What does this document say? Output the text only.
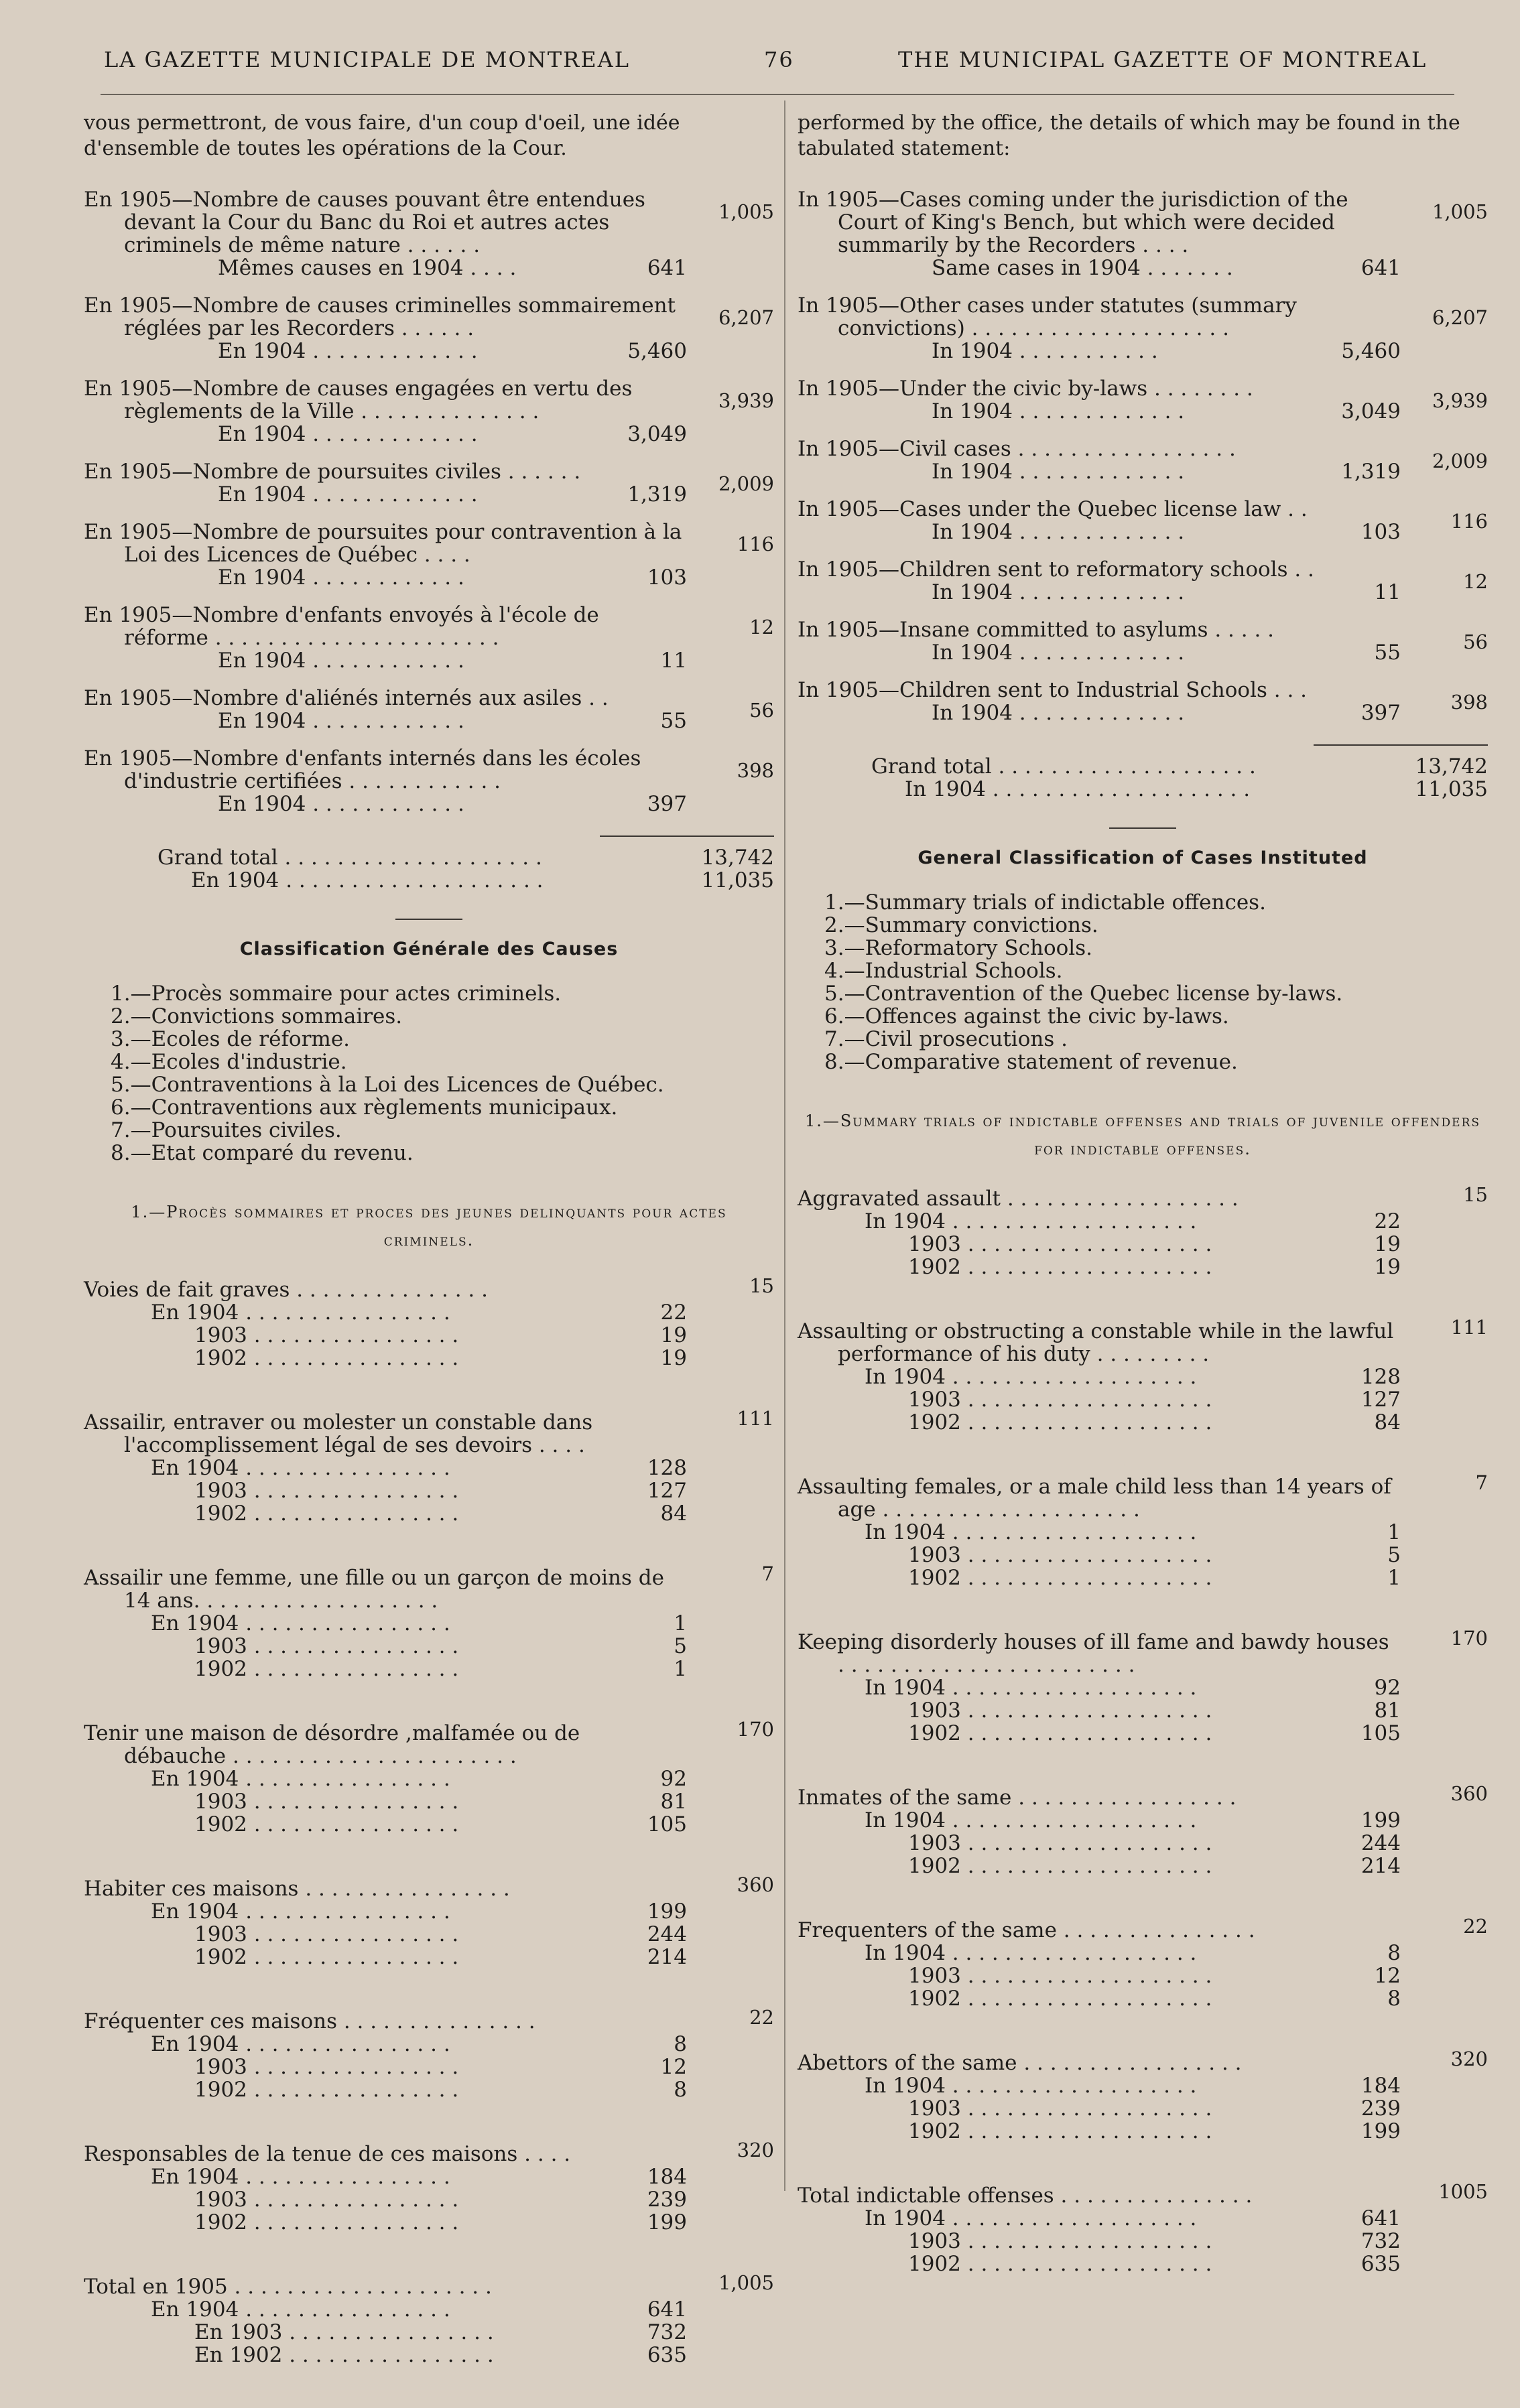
LA GAZETTE MUNICIPALE DE MONTREAL	76	THE MUNICIPAL GAZETTE OF MONTREAL
vous permettront, de vous faire, d'un coup d'oeil, une idée d'ensemble de toutes les opérations de la Cour.
En 1905—Nombre de causes pouvant être entendues devant la Cour du Banc du Roi et autres actes criminels de même nature . . . . . .
1,005
Mêmes causes en 1904 . . . .	641
En 1905—Nombre de causes criminelles sommairement réglées par les Recorders . . . . . .	6,207
En 1904 . . . . . . . . . . . . .	5,460
En 1905—Nombre de causes engagées en vertu des règlements de la Ville . . . . . . . . . . . . . .	3,939
En 1904 . . . . . . . . . . . . .	3,049
En 1905—Nombre de poursuites civiles . . . . . .	2,009
En 1904 . . . . . . . . . . . . .	1,319
En 1905—Nombre de poursuites pour contravention à la Loi des Licences de Québec . . . .	116
En 1904 . . . . . . . . . . . .	103
En 1905—Nombre d'enfants envoyés à l'école de réforme . . . . . . . . . . . . . . . . . . . . . .	12
En 1904 . . . . . . . . . . . .	11
En 1905—Nombre d'aliénés internés aux asiles . .	56
En 1904 . . . . . . . . . . . .	55
En 1905—Nombre d'enfants internés dans les écoles d'industrie certifiées . . . . . . . . . . . .	398
En 1904 . . . . . . . . . . . .	397
Grand total . . . . . . . . . . . . . . . . . . . .	13,742
En 1904 . . . . . . . . . . . . . . . . . . . .	11,035
Classification Générale des Causes
1.—Procès sommaire pour actes criminels.
2.—Convictions sommaires.
3.—Ecoles de réforme.
4.—Ecoles d'industrie.
5.—Contraventions à la Loi des Licences de Québec.
6.—Contraventions aux règlements municipaux.
7.—Poursuites civiles.
8.—Etat comparé du revenu.
1.—Procès sommaires et proces des jeunes delinquants pour actes criminels.
Voies de fait graves . . . . . . . . . . . . . . .	15
En 1904 . . . . . . . . . . . . . . . .	22
1903 . . . . . . . . . . . . . . . .	19
1902 . . . . . . . . . . . . . . . .	19
Assailir, entraver ou molester un constable dans l'accomplissement légal de ses devoirs . . . .
111
En 1904 . . . . . . . . . . . . . . . .	128
1903 . . . . . . . . . . . . . . . .	127
1902 . . . . . . . . . . . . . . . .	84
Assailir une femme, une fille ou un garçon de moins de 14 ans. . . . . . . . . . . . . . . . . . .
7
En 1904 . . . . . . . . . . . . . . . .	1
1903 . . . . . . . . . . . . . . . .	5
1902 . . . . . . . . . . . . . . . .	1
Tenir une maison de désordre ,malfamée ou de débauche . . . . . . . . . . . . . . . . . . . . . .
170
En 1904 . . . . . . . . . . . . . . . .	92
1903 . . . . . . . . . . . . . . . .	81
1902 . . . . . . . . . . . . . . . .	105
Habiter ces maisons . . . . . . . . . . . . . . . .	360
En 1904 . . . . . . . . . . . . . . . .	199
1903 . . . . . . . . . . . . . . . .	244
1902 . . . . . . . . . . . . . . . .	214
Fréquenter ces maisons . . . . . . . . . . . . . . .	22
En 1904 . . . . . . . . . . . . . . . .	8
1903 . . . . . . . . . . . . . . . .	12
1902 . . . . . . . . . . . . . . . .	8
Responsables de la tenue de ces maisons . . . .	320
En 1904 . . . . . . . . . . . . . . . .	184
1903 . . . . . . . . . . . . . . . .	239
1902 . . . . . . . . . . . . . . . .	199
Total en 1905 . . . . . . . . . . . . . . . . . . . .	1,005
En 1904 . . . . . . . . . . . . . . . .	641
En 1903 . . . . . . . . . . . . . . . .	732
En 1902 . . . . . . . . . . . . . . . .	635
performed by the office, the details of which may be found in the tabulated statement:
In 1905—Cases coming under the jurisdiction of the Court of King's Bench, but which were decided summarily by the Recorders . . . .
1,005
Same cases in 1904 . . . . . . .	641
In 1905—Other cases under statutes (summary convictions) . . . . . . . . . . . . . . . . . . . .	6,207
In 1904 . . . . . . . . . . .	5,460
In 1905—Under the civic by-laws . . . . . . . .	3,939
In 1904 . . . . . . . . . . . . .	3,049
In 1905—Civil cases . . . . . . . . . . . . . . . . .	2,009
In 1904 . . . . . . . . . . . . .	1,319
In 1905—Cases under the Quebec license law . .	116
In 1904 . . . . . . . . . . . . .	103
In 1905—Children sent to reformatory schools . .	12
In 1904 . . . . . . . . . . . . .	11
In 1905—Insane committed to asylums . . . . .	56
In 1904 . . . . . . . . . . . . .	55
In 1905—Children sent to Industrial Schools . . .	398
In 1904 . . . . . . . . . . . . .	397
Grand total . . . . . . . . . . . . . . . . . . . .	13,742
In 1904 . . . . . . . . . . . . . . . . . . . .	11,035
General Classification of Cases Instituted
1.—Summary trials of indictable offences.
2.—Summary convictions.
3.—Reformatory Schools.
4.—Industrial Schools.
5.—Contravention of the Quebec license by-laws.
6.—Offences against the civic by-laws.
7.—Civil prosecutions .
8.—Comparative statement of revenue.
1.—Summary trials of indictable offenses and trials of juvenile offenders for indictable offenses.
Aggravated assault . . . . . . . . . . . . . . . . . .	15
In 1904 . . . . . . . . . . . . . . . . . . .	22
1903 . . . . . . . . . . . . . . . . . . .	19
1902 . . . . . . . . . . . . . . . . . . .	19
Assaulting or obstructing a constable while in the lawful performance of his duty . . . . . . . . .
111
In 1904 . . . . . . . . . . . . . . . . . . .	128
1903 . . . . . . . . . . . . . . . . . . .	127
1902 . . . . . . . . . . . . . . . . . . .	84
Assaulting females, or a male child less than 14 years of age . . . . . . . . . . . . . . . . . . . .
7
In 1904 . . . . . . . . . . . . . . . . . . .	1
1903 . . . . . . . . . . . . . . . . . . .	5
1902 . . . . . . . . . . . . . . . . . . .	1
Keeping disorderly houses of ill fame and bawdy houses . . . . . . . . . . . . . . . . . . . . . . .
170
In 1904 . . . . . . . . . . . . . . . . . . .	92
1903 . . . . . . . . . . . . . . . . . . .	81
1902 . . . . . . . . . . . . . . . . . . .	105
Inmates of the same . . . . . . . . . . . . . . . . .	360
In 1904 . . . . . . . . . . . . . . . . . . .	199
1903 . . . . . . . . . . . . . . . . . . .	244
1902 . . . . . . . . . . . . . . . . . . .	214
Frequenters of the same . . . . . . . . . . . . . . .	22
In 1904 . . . . . . . . . . . . . . . . . . .	8
1903 . . . . . . . . . . . . . . . . . . .	12
1902 . . . . . . . . . . . . . . . . . . .	8
Abettors of the same . . . . . . . . . . . . . . . . .	320
In 1904 . . . . . . . . . . . . . . . . . . .	184
1903 . . . . . . . . . . . . . . . . . . .	239
1902 . . . . . . . . . . . . . . . . . . .	199
Total indictable offenses . . . . . . . . . . . . . . .	1005
In 1904 . . . . . . . . . . . . . . . . . . .	641
1903 . . . . . . . . . . . . . . . . . . .	732
1902 . . . . . . . . . . . . . . . . . . .	635
